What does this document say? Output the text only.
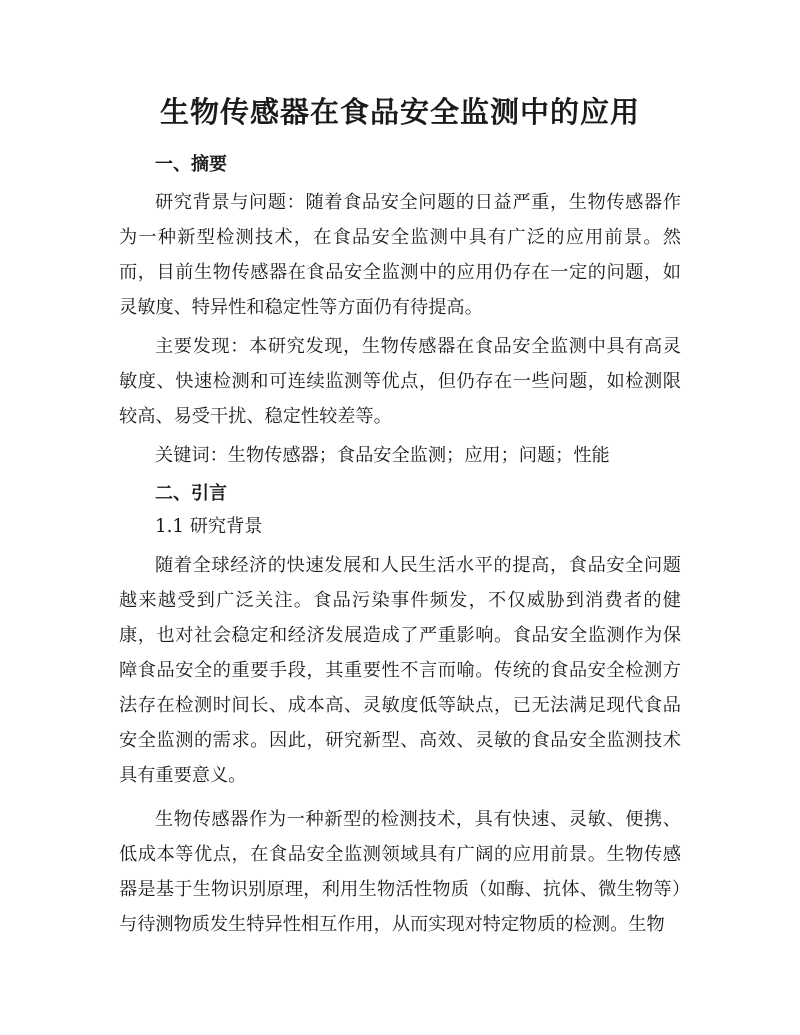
生物传感器在食品安全监测中的应用
一、摘要

研究背景与问题：随着食品安全问题的日益严重，生物传感器作为一种新型检测技术，在食品安全监测中具有广泛的应用前景。然而，目前生物传感器在食品安全监测中的应用仍存在一定的问题，如灵敏度、特异性和稳定性等方面仍有待提高。

主要发现：本研究发现，生物传感器在食品安全监测中具有高灵敏度、快速检测和可连续监测等优点，但仍存在一些问题，如检测限较高、易受干扰、稳定性较差等。

关键词：生物传感器；食品安全监测；应用；问题；性能

二、引言

1.1 研究背景

随着全球经济的快速发展和人民生活水平的提高，食品安全问题越来越受到广泛关注。食品污染事件频发，不仅威胁到消费者的健康，也对社会稳定和经济发展造成了严重影响。食品安全监测作为保障食品安全的重要手段，其重要性不言而喻。传统的食品安全检测方法存在检测时间长、成本高、灵敏度低等缺点，已无法满足现代食品安全监测的需求。因此，研究新型、高效、灵敏的食品安全监测技术具有重要意义。

生物传感器作为一种新型的检测技术，具有快速、灵敏、便携、低成本等优点，在食品安全监测领域具有广阔的应用前景。生物传感器是基于生物识别原理，利用生物活性物质（如酶、抗体、微生物等）与待测物质发生特异性相互作用，从而实现对特定物质的检测。生物
